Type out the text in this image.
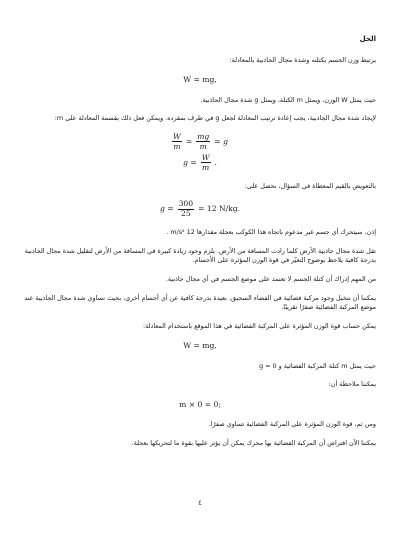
الحل

يرتبط وزن الجسم بكتلته وشدة مجال الجاذبية بالمعادلة:

W = mg,

حيث يمثل W الوزن، ويمثل m الكتلة، ويمثل g شدة مجال الجاذبية.

لإيجاد شدة مجال الجاذبية، يجب إعادة ترتيب المعادلة لجعل g في طرف بمفرده. ويمكن فعل ذلك بقسمة المعادلة على m:

$\frac{W}{m} = \frac{mg}{m} = g$
$g = \frac{W}{m}$ .

بالتعويض بالقيم المعطاة في السؤال، نحصل على:

$g = \frac{300}{25} = 12$ N/kg.

إذن، سيتحرك أي جسم غير مدعوم باتجاه هذا الكوكب بعجلة مقدارها 12 m/s² .

تقل شدة مجال جاذبية الأرض كلما زادت المسافة من الأرض. يلزم وجود زيادة كبيرة في المسافة من الأرض لتقليل شدة مجال الجاذبية بدرجة كافية يلاحظ بوضوح التغيّر في قوة الوزن المؤثرة على الأجسام.

من المهم إدراك أن كتلة الجسم لا تعتمد على موضع الجسم في أي مجال جاذبية.

يمكننا أن نتخيل وجود مركبة فضائية في الفضاء السحيق، بعيدة بدرجة كافية عن أي أجسام أخرى، بحيث تساوي شدة مجال الجاذبية عند موضع المركبة الفضائية صفرًا تقريبًا.

يمكن حساب قوة الوزن المؤثرة على المركبة الفضائية في هذا الموقع باستخدام المعادلة:

W = mg,

حيث يمثل m كتلة المركبة الفضائية و g = 0

يمكننا ملاحظة أن:

m × 0 = 0;

ومن ثم، قوة الوزن المؤثرة على المركبة الفضائية تساوي صفرًا.

يمكننا الآن افتراض أن المركبة الفضائية بها محرك يمكن أن يؤثر عليها بقوة ما لتحريكها بعجلة.

٤
